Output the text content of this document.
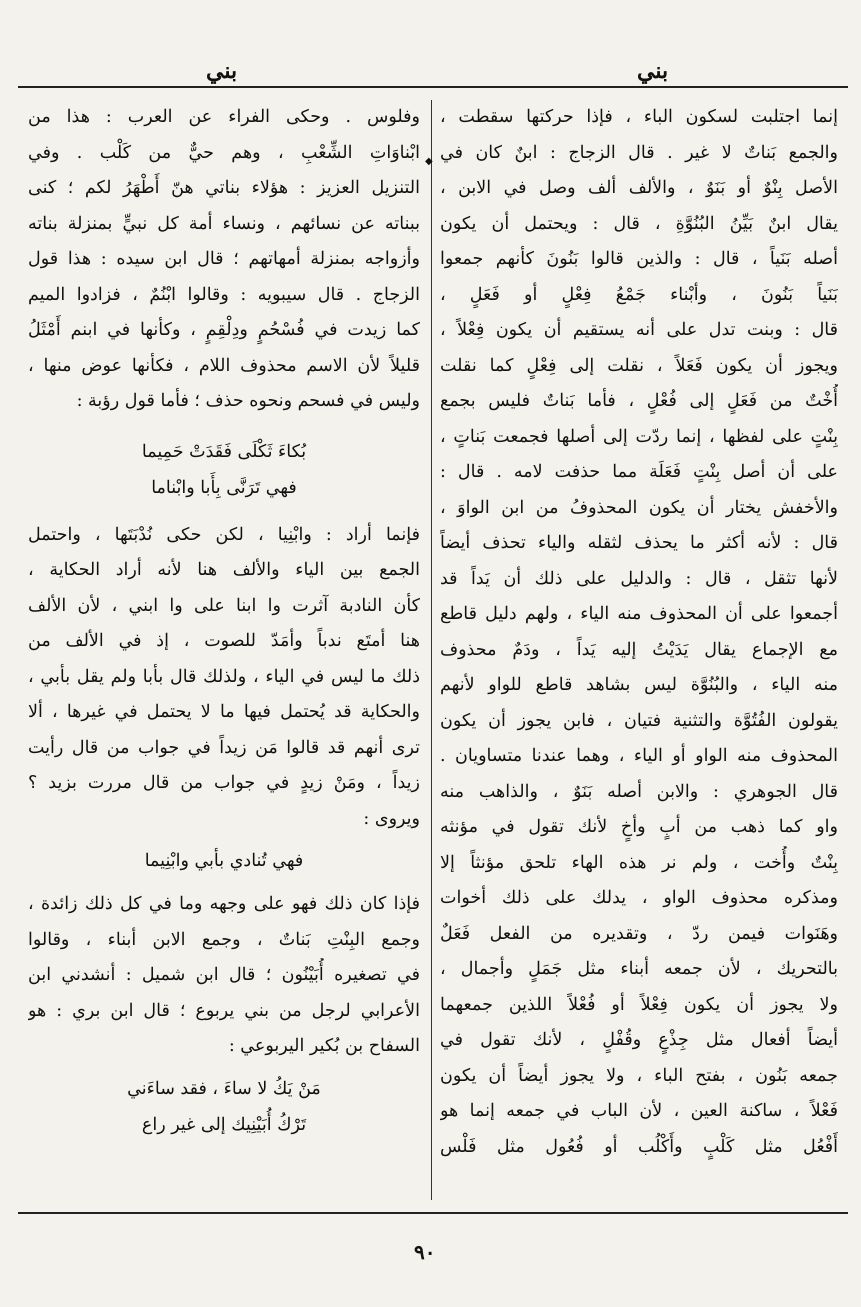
بني	بني
إنما اجتلبت لسكون الباء ، فإذا حركتها سقطت ،
والجمع بَناتٌ لا غير . قال الزجاج : ابنٌ كان في
الأصل بِنْوٌ أو بَنَوٌ ، والألف ألف وصل في الابن ،
يقال ابنٌ بَيِّنُ البُنُوَّةِ ، قال : ويحتمل أن يكون
أصله بَنَياً ، قال : والذين قالوا بَنُونَ كأنهم جمعوا
بَنَياً بَنُونَ ، وأبْناء جَمْعُ فِعْلٍ أو فَعَلٍ ،
قال : وبنت تدل على أنه يستقيم أن يكون فِعْلاً ،
ويجوز أن يكون فَعَلاً ، نقلت إلى فِعْلٍ كما نقلت
أُخْتٌ من فَعَلٍ إلى فُعْلٍ ، فأما بَناتٌ فليس بجمع
بِنْتٍ على لفظها ، إنما ردّت إلى أصلها فجمعت بَناتٍ ،
على أن أصل بِنْتٍ فَعَلَة مما حذفت لامه . قال :
والأخفش يختار أن يكون المحذوفُ من ابن الواوَ ،
قال : لأنه أكثر ما يحذف لثقله والياء تحذف أيضاً
لأنها تثقل ، قال : والدليل على ذلك أن يَداً قد
أجمعوا على أن المحذوف منه الياء ، ولهم دليل قاطع
مع الإجماع يقال يَدَيْتُ إليه يَداً ، ودَمٌ محذوف
منه الياء ، والبُنُوَّة ليس بشاهد قاطع للواو لأنهم
يقولون الفُتُوَّة والتثنية فتيان ، فابن يجوز أن يكون
المحذوف منه الواو أو الياء ، وهما عندنا متساويان .
قال الجوهري : والابن أصله بَنَوٌ ، والذاهب منه
واو كما ذهب من أبٍ وأخٍ لأنك تقول في مؤنثه
بِنْتٌ وأُخت ، ولم نر هذه الهاء تلحق مؤنثاً إلا
ومذكره محذوف الواو ، يدلك على ذلك أخوات
وهَنَوات فيمن ردّ ، وتقديره من الفعل فَعَلٌ
بالتحريك ، لأن جمعه أبناء مثل جَمَلٍ وأجمال ،
ولا يجوز أن يكون فِعْلاً أو فُعْلاً اللذين جمعهما
أيضاً أفعال مثل جِذْعٍ وقُفْلٍ ، لأنك تقول في
جمعه بَنُون ، بفتح الباء ، ولا يجوز أيضاً أن يكون
فَعْلاً ، ساكنة العين ، لأن الباب في جمعه إنما هو
أَفْعُل مثل كَلْبٍ وأَكْلُب أو فُعُول مثل فَلْس
◆
وفلوس . وحكى الفراء عن العرب : هذا من
ابْناوَاتِ الشِّعْبِ ، وهم حيٌّ من كَلْب . وفي
التنزيل العزيز : هؤلاء بناتي هنّ أَطْهَرُ لكم ؛ كنى
ببناته عن نسائهم ، ونساء أمة كل نبيٍّ بمنزلة بناته
وأزواجه بمنزلة أمهاتهم ؛ قال ابن سيده : هذا قول
الزجاج . قال سيبويه : وقالوا ابْنُمٌ ، فزادوا الميم
كما زيدت في فُسْحُمٍ ودِلْقِمٍ ، وكأنها في ابنم أَمْثَلُ
قليلاً لأن الاسم محذوف اللام ، فكأنها عوض منها ،
وليس في فسحم ونحوه حذف ؛ فأما قول رؤبة :
بُكاءَ ثَكْلَى فَقَدَتْ حَمِيما
فهي تَرَنَّى بِأَبا وابْناما
فإنما أراد : وابْنِيا ، لكن حكى نُدْبَتَها ، واحتمل
الجمع بين الياء والألف هنا لأنه أراد الحكاية ،
كأن النادبة آثرت وا ابنا على وا ابني ، لأن الألف
هنا أمتَع ندباً وأمَدّ للصوت ، إذ في الألف من
ذلك ما ليس في الياء ، ولذلك قال بأبا ولم يقل بأبي ،
والحكاية قد يُحتمل فيها ما لا يحتمل في غيرها ، ألا
ترى أنهم قد قالوا مَن زيداً في جواب من قال رأيت
زيداً ، ومَنْ زيدٍ في جواب من قال مررت بزيد ؟
ويروى :
فهي تُنادي بأبي وابْنِيما
فإذا كان ذلك فهو على وجهه وما في كل ذلك زائدة ،
وجمع البِنْتِ بَناتٌ ، وجمع الابن أبناء ، وقالوا
في تصغيره أُبَيْنُون ؛ قال ابن شميل : أنشدني ابن
الأعرابي لرجل من بني يربوع ؛ قال ابن بري : هو
السفاح بن بُكير اليربوعي :
مَنْ يَكُ لا ساءَ ، فقد ساءَني
تَرْكُ أُبَيْنِيك إلى غير راع
٩٠
